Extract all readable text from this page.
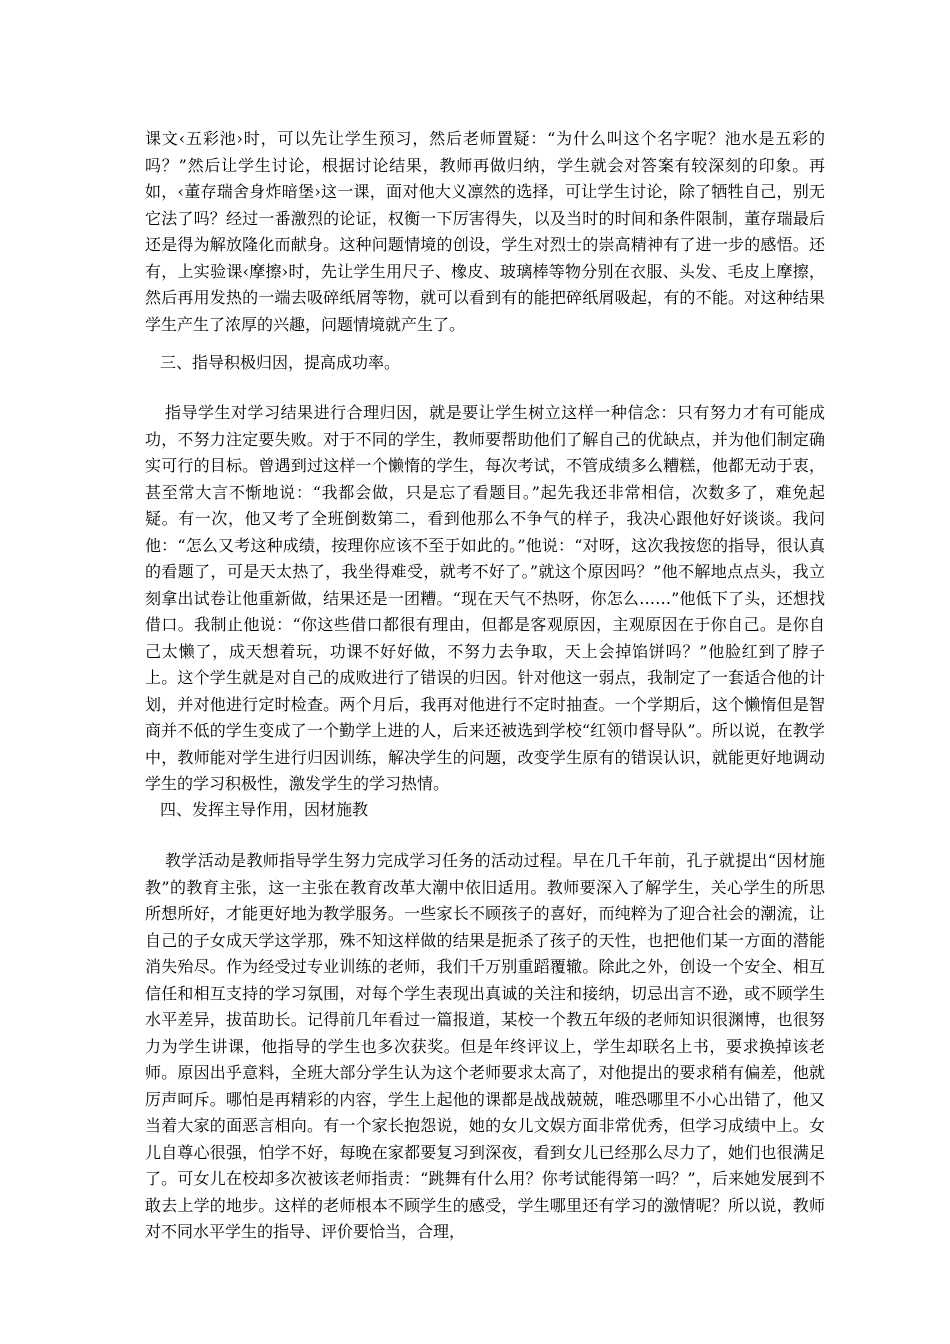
课文‹五彩池›时，可以先让学生预习，然后老师置疑：“为什么叫这个名字呢？池水是五彩的吗？”然后让学生讨论，根据讨论结果，教师再做归纳，学生就会对答案有较深刻的印象。再如，‹董存瑞舍身炸暗堡›这一课，面对他大义凛然的选择，可让学生讨论，除了牺牲自己，别无它法了吗？经过一番激烈的论证，权衡一下厉害得失，以及当时的时间和条件限制，董存瑞最后还是得为解放隆化而献身。这种问题情境的创设，学生对烈士的崇高精神有了进一步的感悟。还有，上实验课‹摩擦›时，先让学生用尺子、橡皮、玻璃棒等物分别在衣服、头发、毛皮上摩擦，然后再用发热的一端去吸碎纸屑等物，就可以看到有的能把碎纸屑吸起，有的不能。对这种结果学生产生了浓厚的兴趣，问题情境就产生了。

三、指导积极归因，提高成功率。

指导学生对学习结果进行合理归因，就是要让学生树立这样一种信念：只有努力才有可能成功，不努力注定要失败。对于不同的学生，教师要帮助他们了解自己的优缺点，并为他们制定确实可行的目标。曾遇到过这样一个懒惰的学生，每次考试，不管成绩多么糟糕，他都无动于衷，甚至常大言不惭地说：“我都会做，只是忘了看题目。”起先我还非常相信，次数多了，难免起疑。有一次，他又考了全班倒数第二，看到他那么不争气的样子，我决心跟他好好谈谈。我问他：“怎么又考这种成绩，按理你应该不至于如此的。”他说：“对呀，这次我按您的指导，很认真的看题了，可是天太热了，我坐得难受，就考不好了。”就这个原因吗？”他不解地点点头，我立刻拿出试卷让他重新做，结果还是一团糟。“现在天气不热呀，你怎么……”他低下了头，还想找借口。我制止他说：“你这些借口都很有理由，但都是客观原因，主观原因在于你自己。是你自己太懒了，成天想着玩，功课不好好做，不努力去争取，天上会掉馅饼吗？”他脸红到了脖子上。这个学生就是对自己的成败进行了错误的归因。针对他这一弱点，我制定了一套适合他的计划，并对他进行定时检查。两个月后，我再对他进行不定时抽查。一个学期后，这个懒惰但是智商并不低的学生变成了一个勤学上进的人，后来还被选到学校“红领巾督导队”。所以说，在教学中，教师能对学生进行归因训练，解决学生的问题，改变学生原有的错误认识，就能更好地调动学生的学习积极性，激发学生的学习热情。

四、发挥主导作用，因材施教

教学活动是教师指导学生努力完成学习任务的活动过程。早在几千年前，孔子就提出“因材施教”的教育主张，这一主张在教育改革大潮中依旧适用。教师要深入了解学生，关心学生的所思所想所好，才能更好地为教学服务。一些家长不顾孩子的喜好，而纯粹为了迎合社会的潮流，让自己的子女成天学这学那，殊不知这样做的结果是扼杀了孩子的天性，也把他们某一方面的潜能消失殆尽。作为经受过专业训练的老师，我们千万别重蹈覆辙。除此之外，创设一个安全、相互信任和相互支持的学习氛围，对每个学生表现出真诚的关注和接纳，切忌出言不逊，或不顾学生水平差异，拔苗助长。记得前几年看过一篇报道，某校一个教五年级的老师知识很渊博，也很努力为学生讲课，他指导的学生也多次获奖。但是年终评议上，学生却联名上书，要求换掉该老师。原因出乎意料，全班大部分学生认为这个老师要求太高了，对他提出的要求稍有偏差，他就厉声呵斥。哪怕是再精彩的内容，学生上起他的课都是战战兢兢，唯恐哪里不小心出错了，他又当着大家的面恶言相向。有一个家长抱怨说，她的女儿文娱方面非常优秀，但学习成绩中上。女儿自尊心很强，怕学不好，每晚在家都要复习到深夜，看到女儿已经那么尽力了，她们也很满足了。可女儿在校却多次被该老师指责：“跳舞有什么用？你考试能得第一吗？”，后来她发展到不敢去上学的地步。这样的老师根本不顾学生的感受，学生哪里还有学习的激情呢？所以说，教师对不同水平学生的指导、评价要恰当，合理，
